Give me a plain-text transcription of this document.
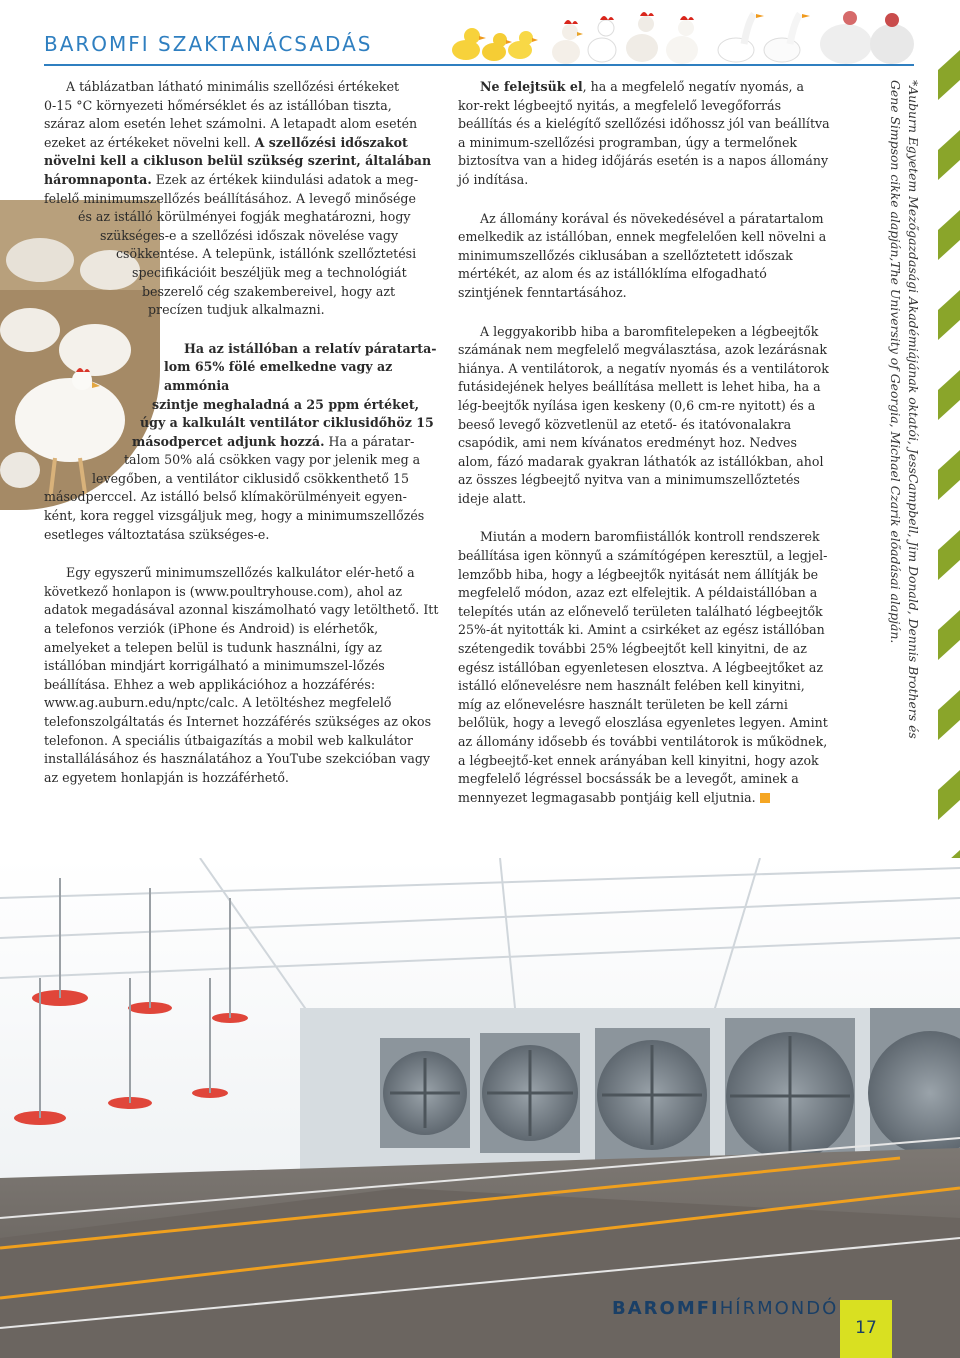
BAROMFI SZAKTANÁCSADÁS

A táblázatban látható minimális szellőzési értékeket
0-15 °C környezeti hőmérséklet és az istállóban tiszta,
száraz alom esetén lehet számolni. A letapadt alom esetén
ezeket az értékeket növelni kell. A szellőzési időszakot
növelni kell a cikluson belül szükség szerint, általában
háromnaponta. Ezek az értékek kiindulási adatok a meg-
felelő minimumszellőzés beállításához. A levegő minősége
és az istálló körülményei fogják meghatározni, hogy
szükséges-e a szellőzési időszak növelése vagy
csökkentése. A telepünk, istállónk szellőztetési
specifikációit beszéljük meg a technológiát
beszerelő cég szakembereivel, hogy azt
precízen tudjuk alkalmazni.

Ha az istállóban a relatív páratarta-
lom 65% fölé emelkedne vagy az ammónia
szintje meghaladná a 25 ppm értéket,
úgy a kalkulált ventilátor ciklusidőhöz 15
másodpercet adjunk hozzá. Ha a páratar-
talom 50% alá csökken vagy por jelenik meg a
levegőben, a ventilátor ciklusidő csökkenthető 15
másodperccel. Az istálló belső klímakörülményeit egyen-
ként, kora reggel vizsgáljuk meg, hogy a minimumszellőzés
esetleges változtatása szükséges-e.

Egy egyszerű minimumszellőzés kalkulátor elér-hető a következő honlapon is (www.poultryhouse.com), ahol az adatok megadásával azonnal kiszámolható vagy letölthető. Itt a telefonos verziók (iPhone és Android) is elérhetők, amelyeket a telepen belül is tudunk használni, így az istállóban mindjárt korrigálható a minimumszel-lőzés beállítása. Ehhez a web applikációhoz a hozzáférés: www.ag.auburn.edu/nptc/calc. A letöltéshez megfelelő telefonszolgáltatás és Internet hozzáférés szükséges az okos telefonon. A speciális útbaigazítás a mobil web kalkulátor installálásához és használatához a YouTube szekcióban vagy az egyetem honlapján is hozzáférhető.

Ne felejtsük el, ha a megfelelő negatív nyomás, a kor-rekt légbeejtő nyitás, a megfelelő levegőforrás beállítás és a kielégítő szellőzési időhossz jól van beállítva a minimum-szellőzési programban, úgy a termelőnek biztosítva van a hideg időjárás esetén is a napos állomány jó indítása.

Az állomány korával és növekedésével a páratartalom emelkedik az istállóban, ennek megfelelően kell növelni a minimumszellőzés ciklusában a szellőztetett időszak mértékét, az alom és az istállóklíma elfogadható szintjének fenntartásához.

A leggyakoribb hiba a baromfitelepeken a légbeejtők számának nem megfelelő megválasztása, azok lezárásnak hiánya. A ventilátorok, a negatív nyomás és a ventilátorok futásidejének helyes beállítása mellett is lehet hiba, ha a lég-beejtők nyílása igen keskeny (0,6 cm-re nyitott) és a beeső levegő közvetlenül az etető- és itatóvonalakra csapódik, ami nem kívánatos eredményt hoz. Nedves alom, fázó madarak gyakran láthatók az istállókban, ahol az összes légbeejtő nyitva van a minimumszellőztetés ideje alatt.

Miután a modern baromfiistállók kontroll rendszerek beállítása igen könnyű a számítógépen keresztül, a legjel-lemzőbb hiba, hogy a légbeejtők nyitását nem állítják be megfelelő módon, azaz ezt elfelejtik. A példaistállóban a telepítés után az előnevelő területen található légbeejtők 25%-át nyitották ki. Amint a csirkéket az egész istállóban szétengedik további 25% légbeejtőt kell kinyitni, de az egész istállóban egyenletesen elosztva. A légbeejtőket az istálló előnevelésre nem használt felében kell kinyitni, míg az előnevelésre használt területen be kell zárni belőlük, hogy a levegő eloszlása egyenletes legyen. Amint az állomány idősebb és további ventilátorok is működnek, a légbeejtő-ket ennek arányában kell kinyitni, hogy azok megfelelő légréssel bocsássák be a levegőt, aminek a mennyezet legmagasabb pontjáig kell eljutnia.

*Auburn Egyetem Mezőgazdasági Akadémiájának oktatói, JessCampbell, Jim Donald, Dennis Brothers és Gene Simpson cikke alapján,The University of Georgia, Michael Czarik előadásai alapján.
BAROMFIHÍRMONDÓ
17
